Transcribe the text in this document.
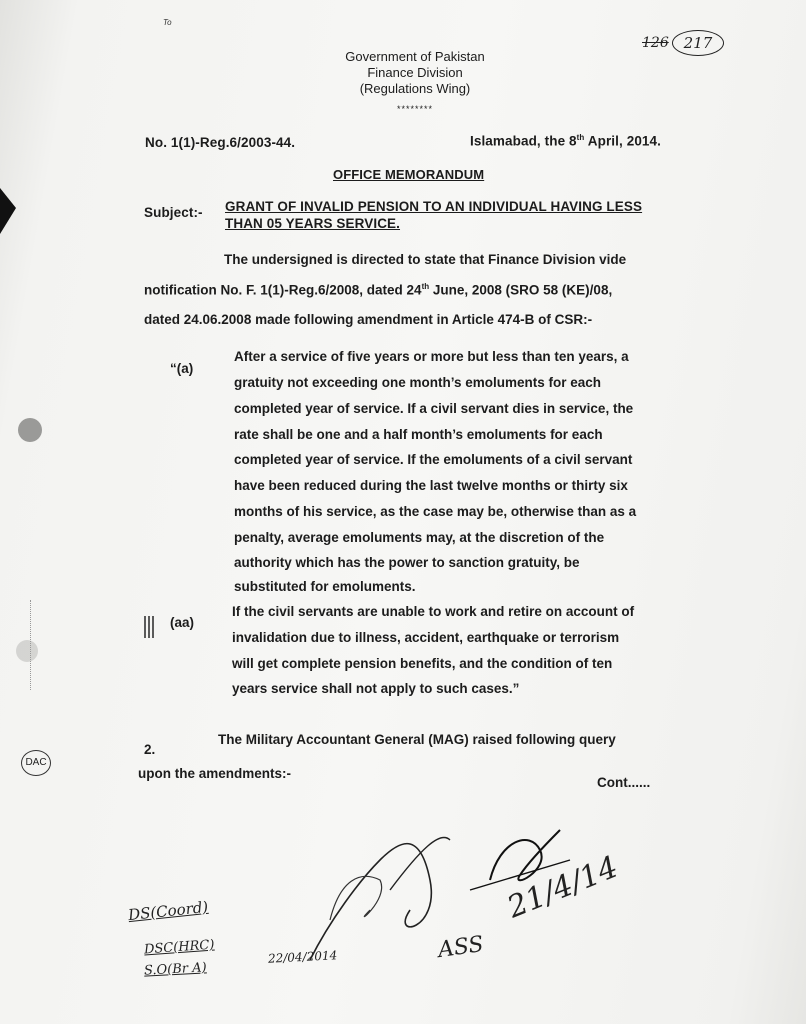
DAC
To
126 217
Government of Pakistan
Finance Division
(Regulations Wing)
********
No. 1(1)-Reg.6/2003-44.	Islamabad, the 8th April, 2014.
OFFICE MEMORANDUM
Subject:- GRANT OF INVALID PENSION TO AN INDIVIDUAL HAVING LESS
THAN 05 YEARS SERVICE.
The undersigned is directed to state that Finance Division vide
notification No. F. 1(1)-Reg.6/2008, dated 24th June, 2008 (SRO 58 (KE)/08,
dated 24.06.2008 made following amendment in Article 474-B of CSR:-
“(a)
After a service of five years or more but less than ten years, a
gratuity not exceeding one month’s emoluments for each
completed year of service. If a civil servant dies in service, the
rate shall be one and a half month’s emoluments for each
completed year of service. If the emoluments of a civil servant
have been reduced during the last twelve months or thirty six
months of his service, as the case may be, otherwise than as a
penalty, average emoluments may, at the discretion of the
authority which has the power to sanction gratuity, be
substituted for emoluments.
(aa)
If the civil servants are unable to work and retire on account of
invalidation due to illness, accident, earthquake or terrorism
will get complete pension benefits, and the condition of ten
years service shall not apply to such cases.”
2.
The Military Accountant General (MAG) raised following query
upon the amendments:-
Cont......
DS(Coord)
DSC(HRC)
S.O(Br A)
22/04/2014	ASS
21/4/14
